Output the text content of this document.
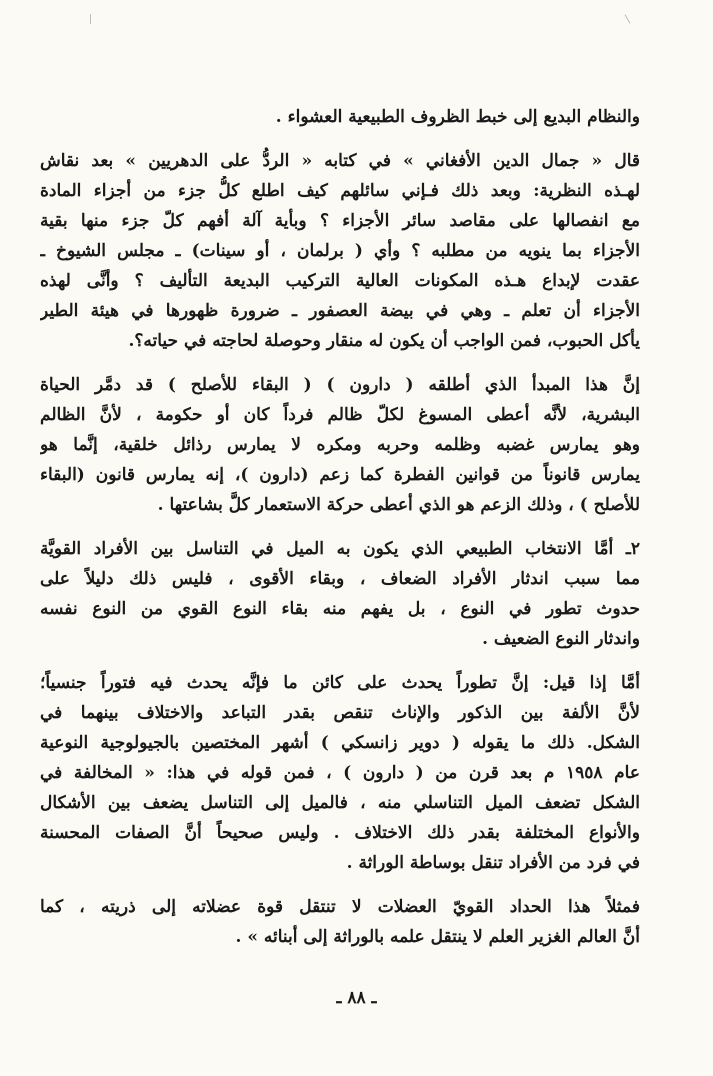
والنظام البديع إلى خبط الظروف الطبيعية العشواء .
قال « جمال الدين الأفغاني » في كتابه « الردُّ على الدهريين » بعد نقاش
لهـذه النظرية: وبعد ذلك فـإني سائلهم كيف اطلع كلُّ جزء من أجزاء المادة
مع انفصالها على مقاصد سائر الأجزاء ؟ وبأية آلة أفهم كلّ جزء منها بقية
الأجزاء بما ينويه من مطلبه ؟ وأي ( برلمان ، أو سينات) ـ مجلس الشيوخ ـ
عقدت لإبداع هـذه المكونات العالية التركيب البديعة التأليف ؟ وأنَّى لهذه
الأجزاء أن تعلم ـ وهي في بيضة العصفور ـ ضرورة ظهورها في هيئة الطير
يأكل الحبوب، فمن الواجب أن يكون له منقار وحوصلة لحاجته في حياته؟.
إنَّ هذا المبدأ الذي أطلقه ( دارون ) ( البقاء للأصلح ) قد دمَّر الحياة
البشرية، لأنَّه أعطى المسوغ لكلّ ظالم فرداً كان أو حكومة ، لأنَّ الظالم
وهو يمارس غضبه وظلمه وحربه ومكره لا يمارس رذائل خلقية، إنَّما هو
يمارس قانوناً من قوانين الفطرة كما زعم (دارون )، إنه يمارس قانون (البقاء
للأصلح ) ، وذلك الزعم هو الذي أعطى حركة الاستعمار كلَّ بشاعتها .
٢ـ أمَّا الانتخاب الطبيعي الذي يكون به الميل في التناسل بين الأفراد القويَّة
مما سبب اندثار الأفراد الضعاف ، وبقاء الأقوى ، فليس ذلك دليلاً على
حدوث تطور في النوع ، بل يفهم منه بقاء النوع القوي من النوع نفسه
واندثار النوع الضعيف .
أمَّا إذا قيل: إنَّ تطوراً يحدث على كائن ما فإنَّه يحدث فيه فتوراً جنسياً؛
لأنَّ الألفة بين الذكور والإناث تنقص بقدر التباعد والاختلاف بينهما في
الشكل. ذلك ما يقوله ( دوير زانسكي ) أشهر المختصين بالجيولوجية النوعية
عام ١٩٥٨ م بعد قرن من ( دارون ) ، فمن قوله في هذا: « المخالفة في
الشكل تضعف الميل التناسلي منه ، فالميل إلى التناسل يضعف بين الأشكال
والأنواع المختلفة بقدر ذلك الاختلاف . وليس صحيحاً أنَّ الصفات المحسنة
في فرد من الأفراد تنقل بوساطة الوراثة .
فمثلاً هذا الحداد القويّ العضلات لا تنتقل قوة عضلاته إلى ذريته ، كما
أنَّ العالم الغزير العلم لا ينتقل علمه بالوراثة إلى أبنائه » .
ـ ٨٨ ـ
